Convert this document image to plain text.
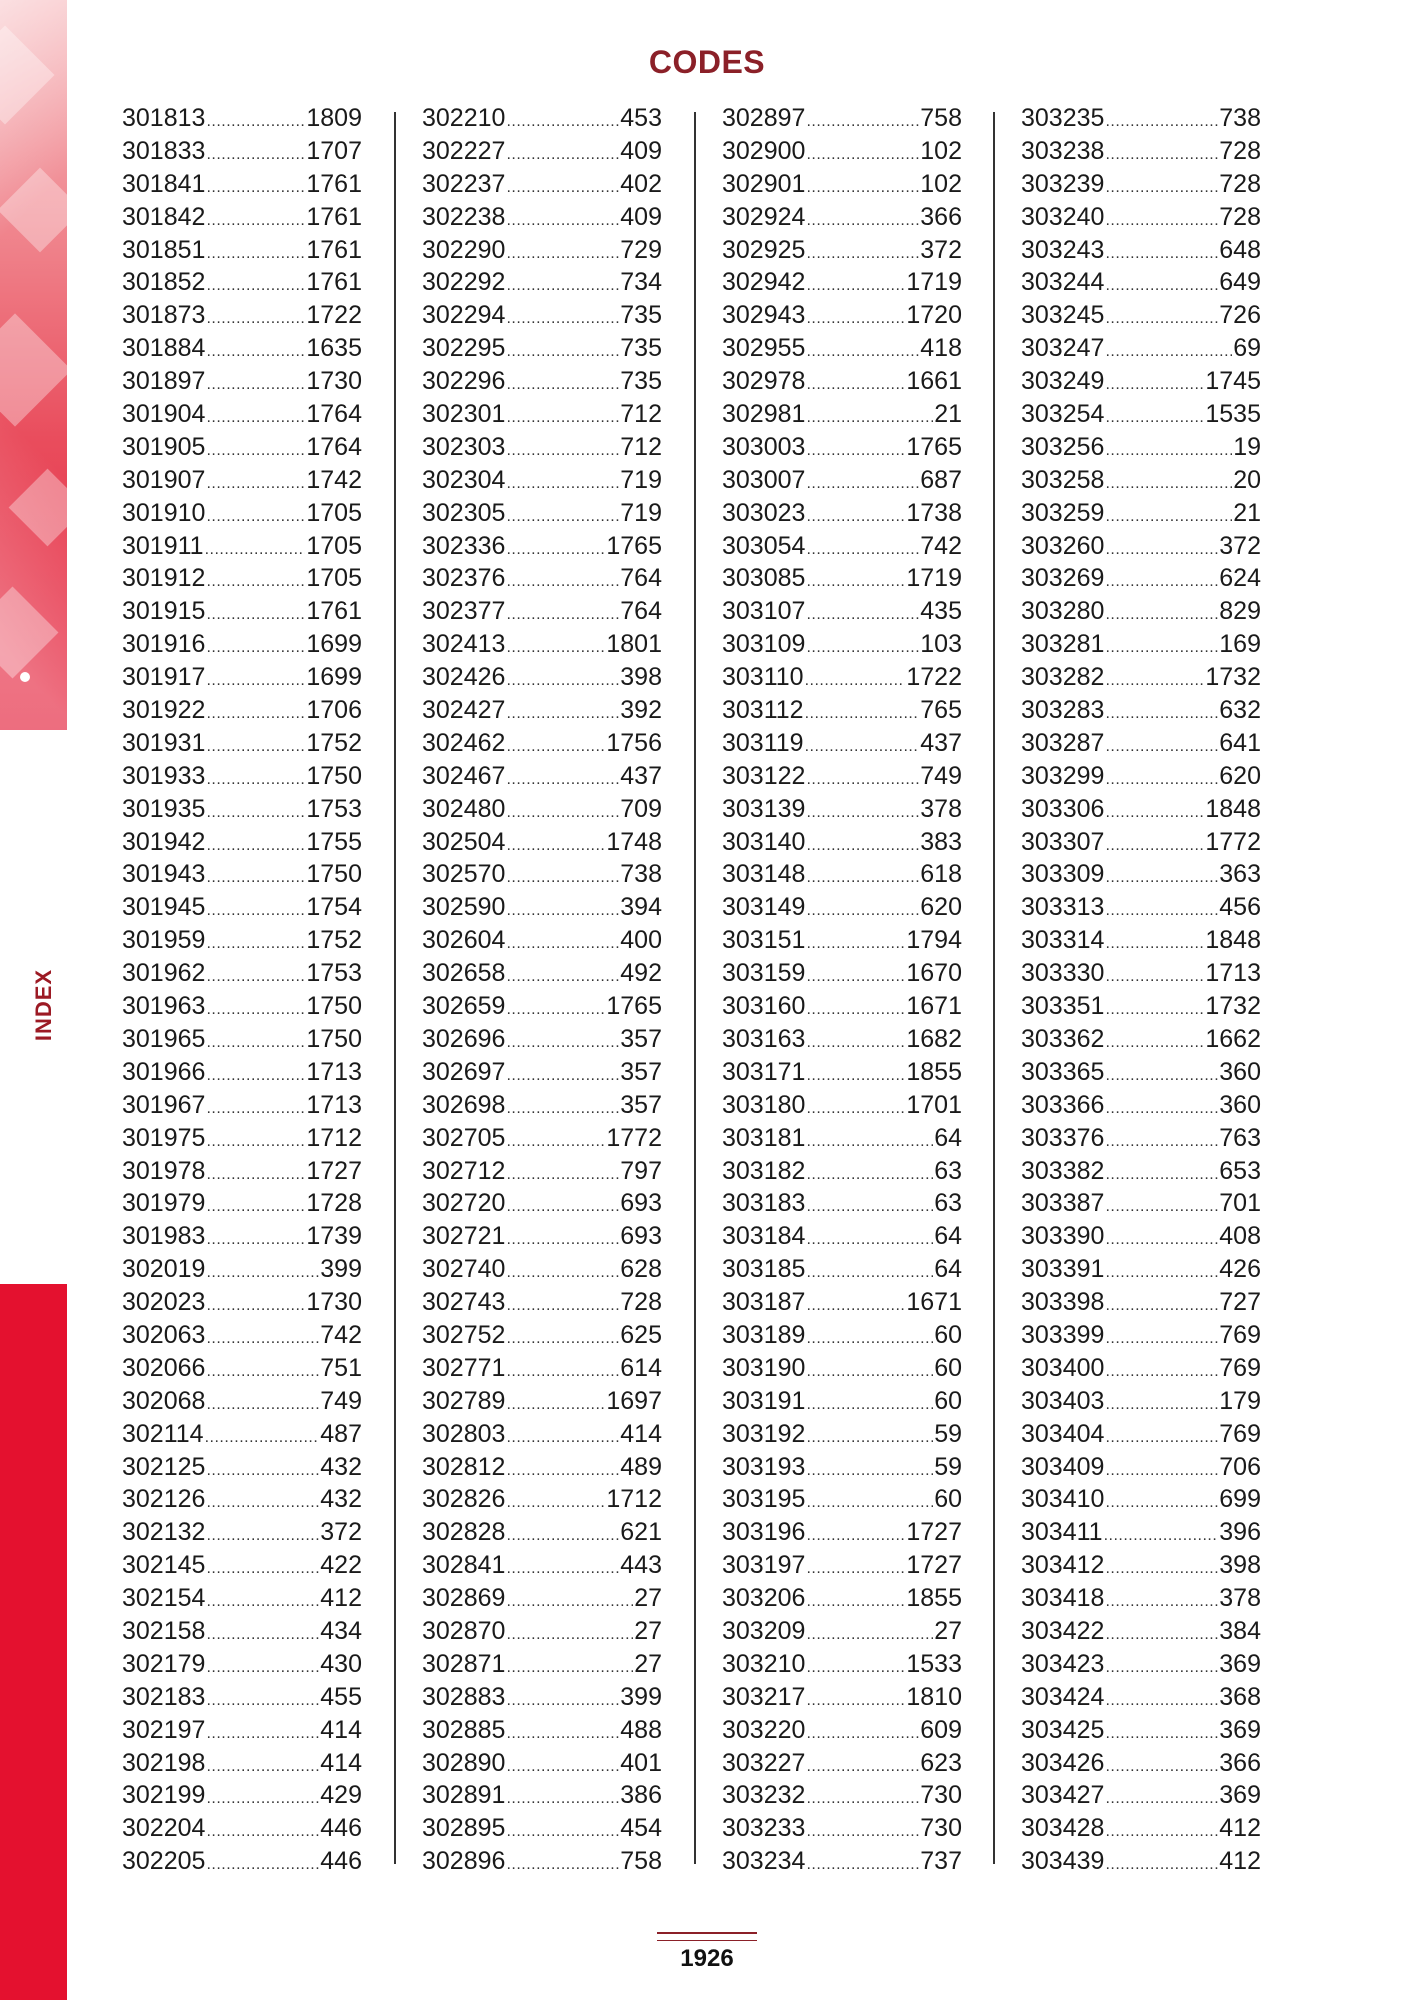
INDEX
CODES
301813 .....	1809
301833 .....	1707
301841 .....	1761
301842 .....	1761
301851 .....	1761
301852 .....	1761
301873 .....	1722
301884 .....	1635
301897 .....	1730
301904 .....	1764
301905 .....	1764
301907 .....	1742
301910 .....	1705
301911 .....	1705
301912 .....	1705
301915 .....	1761
301916 .....	1699
301917 .....	1699
301922 .....	1706
301931 .....	1752
301933 .....	1750
301935 .....	1753
301942 .....	1755
301943 .....	1750
301945 .....	1754
301959 .....	1752
301962 .....	1753
301963 .....	1750
301965 .....	1750
301966 .....	1713
301967 .....	1713
301975 .....	1712
301978 .....	1727
301979 .....	1728
301983 .....	1739
302019 .....	399
302023 .....	1730
302063 .....	742
302066 .....	751
302068 .....	749
302114 .....	487
302125 .....	432
302126 .....	432
302132 .....	372
302145 .....	422
302154 .....	412
302158 .....	434
302179 .....	430
302183 .....	455
302197 .....	414
302198 .....	414
302199 .....	429
302204 .....	446
302205 .....	446
302210 .....	453
302227 .....	409
302237 .....	402
302238 .....	409
302290 .....	729
302292 .....	734
302294 .....	735
302295 .....	735
302296 .....	735
302301 .....	712
302303 .....	712
302304 .....	719
302305 .....	719
302336 .....	1765
302376 .....	764
302377 .....	764
302413 .....	1801
302426 .....	398
302427 .....	392
302462 .....	1756
302467 .....	437
302480 .....	709
302504 .....	1748
302570 .....	738
302590 .....	394
302604 .....	400
302658 .....	492
302659 .....	1765
302696 .....	357
302697 .....	357
302698 .....	357
302705 .....	1772
302712 .....	797
302720 .....	693
302721 .....	693
302740 .....	628
302743 .....	728
302752 .....	625
302771 .....	614
302789 .....	1697
302803 .....	414
302812 .....	489
302826 .....	1712
302828 .....	621
302841 .....	443
302869 .....	27
302870 .....	27
302871 .....	27
302883 .....	399
302885 .....	488
302890 .....	401
302891 .....	386
302895 .....	454
302896 .....	758
302897 .....	758
302900 .....	102
302901 .....	102
302924 .....	366
302925 .....	372
302942 .....	1719
302943 .....	1720
302955 .....	418
302978 .....	1661
302981 .....	21
303003 .....	1765
303007 .....	687
303023 .....	1738
303054 .....	742
303085 .....	1719
303107 .....	435
303109 .....	103
303110 .....	1722
303112 .....	765
303119 .....	437
303122 .....	749
303139 .....	378
303140 .....	383
303148 .....	618
303149 .....	620
303151 .....	1794
303159 .....	1670
303160 .....	1671
303163 .....	1682
303171 .....	1855
303180 .....	1701
303181 .....	64
303182 .....	63
303183 .....	63
303184 .....	64
303185 .....	64
303187 .....	1671
303189 .....	60
303190 .....	60
303191 .....	60
303192 .....	59
303193 .....	59
303195 .....	60
303196 .....	1727
303197 .....	1727
303206 .....	1855
303209 .....	27
303210 .....	1533
303217 .....	1810
303220 .....	609
303227 .....	623
303232 .....	730
303233 .....	730
303234 .....	737
303235 .....	738
303238 .....	728
303239 .....	728
303240 .....	728
303243 .....	648
303244 .....	649
303245 .....	726
303247 .....	69
303249 .....	1745
303254 .....	1535
303256 .....	19
303258 .....	20
303259 .....	21
303260 .....	372
303269 .....	624
303280 .....	829
303281 .....	169
303282 .....	1732
303283 .....	632
303287 .....	641
303299 .....	620
303306 .....	1848
303307 .....	1772
303309 .....	363
303313 .....	456
303314 .....	1848
303330 .....	1713
303351 .....	1732
303362 .....	1662
303365 .....	360
303366 .....	360
303376 .....	763
303382 .....	653
303387 .....	701
303390 .....	408
303391 .....	426
303398 .....	727
303399 .....	769
303400 .....	769
303403 .....	179
303404 .....	769
303409 .....	706
303410 .....	699
303411 .....	396
303412 .....	398
303418 .....	378
303422 .....	384
303423 .....	369
303424 .....	368
303425 .....	369
303426 .....	366
303427 .....	369
303428 .....	412
303439 .....	412
1926
